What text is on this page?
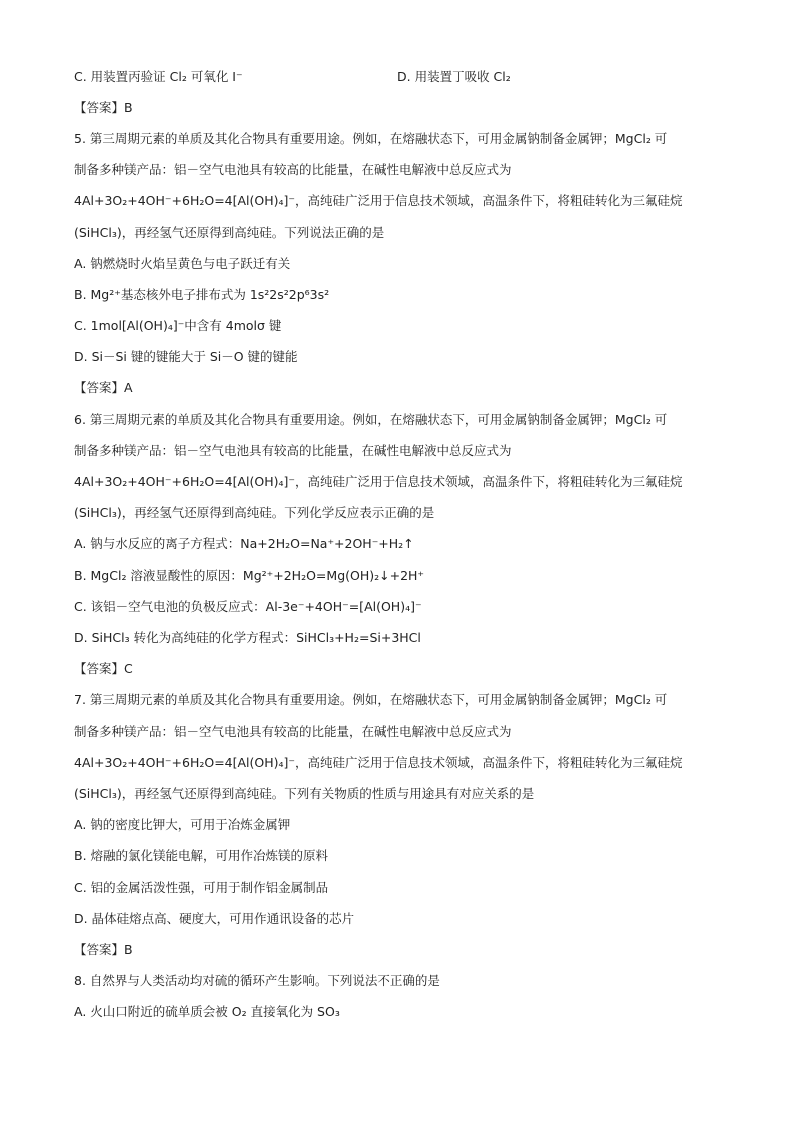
C. 用装置丙验证 Cl₂ 可氧化 I⁻	D. 用装置丁吸收 Cl₂
【答案】B
5. 第三周期元素的单质及其化合物具有重要用途。例如，在熔融状态下，可用金属钠制备金属钾；MgCl₂ 可
制备多种镁产品：铝－空气电池具有较高的比能量，在碱性电解液中总反应式为
4Al+3O₂+4OH⁻+6H₂O=4[Al(OH)₄]⁻，高纯硅广泛用于信息技术领域，高温条件下，将粗硅转化为三氟硅烷
(SiHCl₃)，再经氢气还原得到高纯硅。下列说法正确的是
A. 钠燃烧时火焰呈黄色与电子跃迁有关
B. Mg²⁺基态核外电子排布式为 1s²2s²2p⁶3s²
C. 1mol[Al(OH)₄]⁻中含有 4molσ 键
D. Si－Si 键的键能大于 Si－O 键的键能
【答案】A
6. 第三周期元素的单质及其化合物具有重要用途。例如，在熔融状态下，可用金属钠制备金属钾；MgCl₂ 可
制备多种镁产品：铝－空气电池具有较高的比能量，在碱性电解液中总反应式为
4Al+3O₂+4OH⁻+6H₂O=4[Al(OH)₄]⁻，高纯硅广泛用于信息技术领域，高温条件下，将粗硅转化为三氟硅烷
(SiHCl₃)，再经氢气还原得到高纯硅。下列化学反应表示正确的是
A. 钠与水反应的离子方程式：Na+2H₂O=Na⁺+2OH⁻+H₂↑
B. MgCl₂ 溶液显酸性的原因：Mg²⁺+2H₂O=Mg(OH)₂↓+2H⁺
C. 该铝－空气电池的负极反应式：Al-3e⁻+4OH⁻=[Al(OH)₄]⁻
D. SiHCl₃ 转化为高纯硅的化学方程式：SiHCl₃+H₂=Si+3HCl
【答案】C
7. 第三周期元素的单质及其化合物具有重要用途。例如，在熔融状态下，可用金属钠制备金属钾；MgCl₂ 可
制备多种镁产品：铝－空气电池具有较高的比能量，在碱性电解液中总反应式为
4Al+3O₂+4OH⁻+6H₂O=4[Al(OH)₄]⁻，高纯硅广泛用于信息技术领域，高温条件下，将粗硅转化为三氟硅烷
(SiHCl₃)，再经氢气还原得到高纯硅。下列有关物质的性质与用途具有对应关系的是
A. 钠的密度比钾大，可用于冶炼金属钾
B. 熔融的氯化镁能电解，可用作冶炼镁的原料
C. 铝的金属活泼性强，可用于制作铝金属制品
D. 晶体硅熔点高、硬度大，可用作通讯设备的芯片
【答案】B
8. 自然界与人类活动均对硫的循环产生影响。下列说法不正确的是
A. 火山口附近的硫单质会被 O₂ 直接氧化为 SO₃
